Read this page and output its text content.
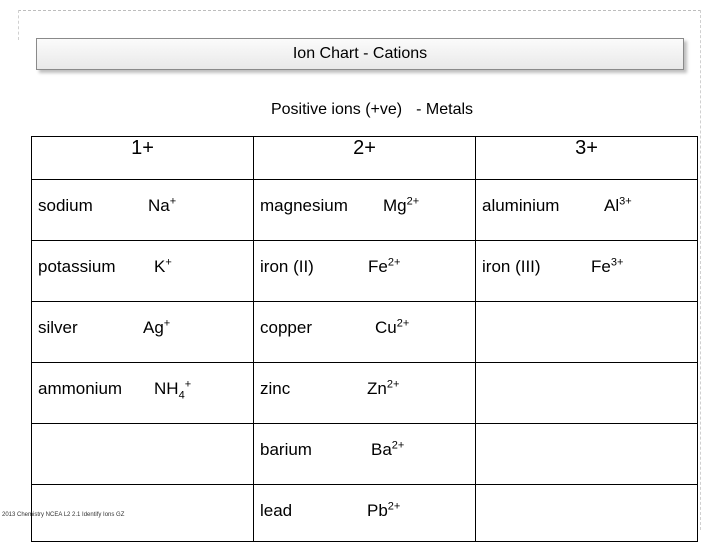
Ion Chart - Cations
Positive ions (+ve) - Metals
1+	2+	3+

sodium Na+	magnesium $Mg^{2+}$	aluminium $Al^{3+}$

potassium K+	iron (II) $Fe^{2+}$	iron (III) $Fe^{3+}$

silver Ag+	copper $Cu^{2+}$

ammonium $NH_4^+$	zinc $Zn^{2+}$

	barium $Ba^{2+}$

2013 Chemistry NCEA L2 2.1 Identify Ions GZ	lead $Pb^{2+}$
